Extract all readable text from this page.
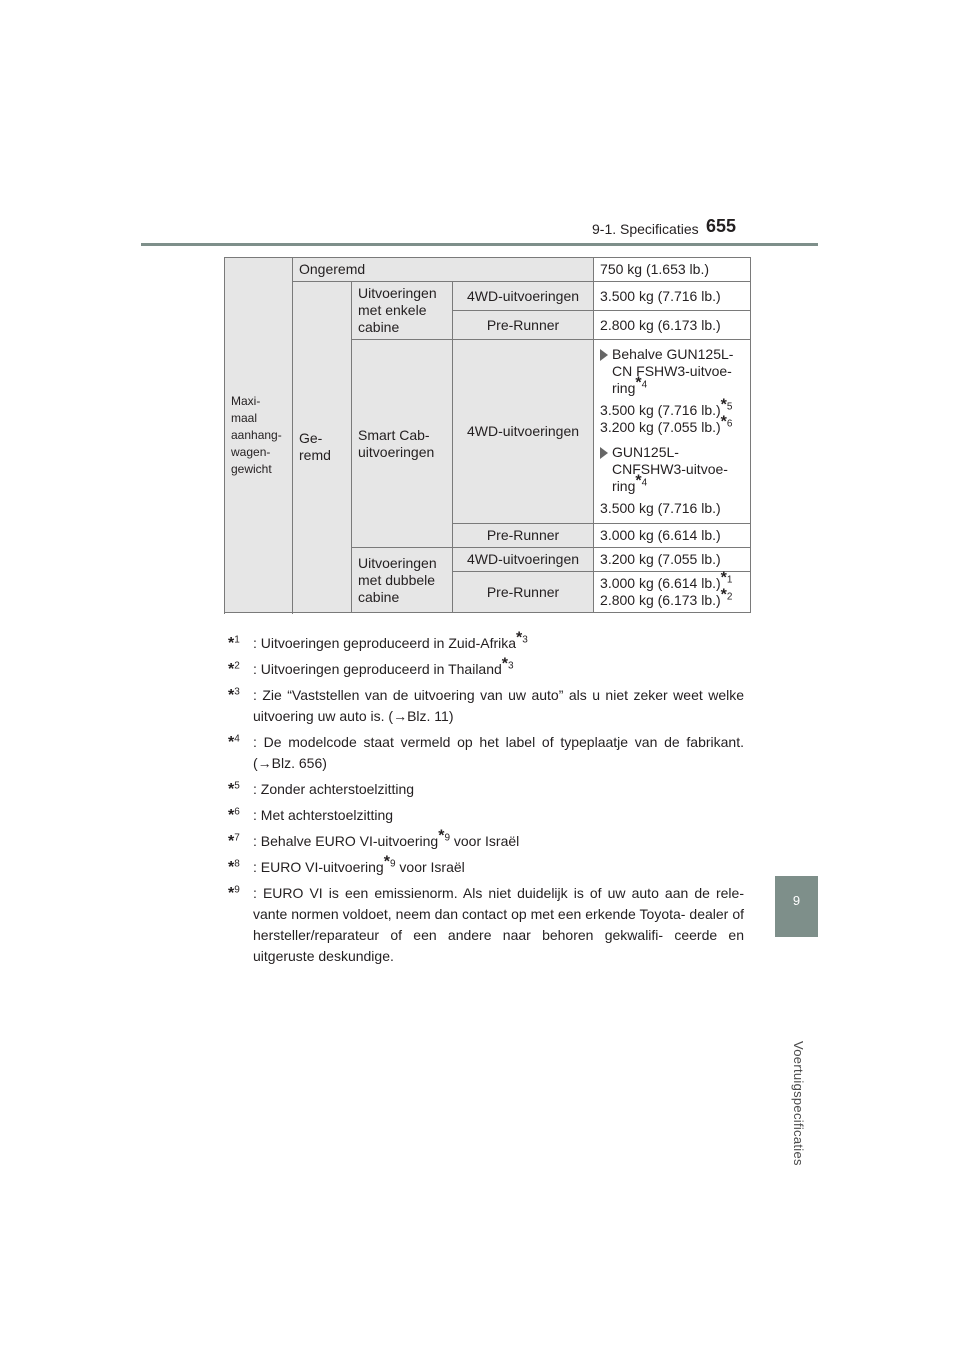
9-1. Specificaties 655
9
Voertuigspecificaties
Maxi- maal aanhang- wagen- gewicht	Ongeremd			750 kg (1.653 lb.)
	Ge- remd	Uitvoeringen met enkele cabine	4WD-uitvoeringen	3.500 kg (7.716 lb.)
			Pre-Runner	2.800 kg (6.173 lb.)
		Smart Cab- uitvoeringen	4WD-uitvoeringen	Behalve GUN125L- CN FSHW3-uitvoe- ring$^{*4}$
3.500 kg (7.716 lb.)$^{*5}$
3.200 kg (7.055 lb.)$^{*6}$
GUN125L- CNFSHW3-uitvoe- ring$^{*4}$
3.500 kg (7.716 lb.)

			Pre-Runner	3.000 kg (6.614 lb.)
		Uitvoeringen met dubbele cabine	4WD-uitvoeringen	3.200 kg (7.055 lb.)
			Pre-Runner	3.000 kg (6.614 lb.)$^{*1}$
2.800 kg (6.173 lb.)$^{*2}$

*$^1$ : Uitvoeringen geproduceerd in Zuid-Afrika$^{*3}$
*$^2$ : Uitvoeringen geproduceerd in Thailand$^{*3}$
*$^3$ : Zie “Vaststellen van de uitvoering van uw auto” als u niet zeker weet welke uitvoering uw auto is. (→Blz. 11)
*$^4$ : De modelcode staat vermeld op het label of typeplaatje van de fabrikant. (→Blz. 656)
*$^5$ : Zonder achterstoelzitting
*$^6$ : Met achterstoelzitting
*$^7$ : Behalve EURO VI-uitvoering$^{*9}$ voor Israël
*$^8$ : EURO VI-uitvoering$^{*9}$ voor Israël
*$^9$ : EURO VI is een emissienorm. Als niet duidelijk is of uw auto aan de rele- vante normen voldoet, neem dan contact op met een erkende Toyota- dealer of hersteller/reparateur of een andere naar behoren gekwalifi- ceerde en uitgeruste deskundige.
